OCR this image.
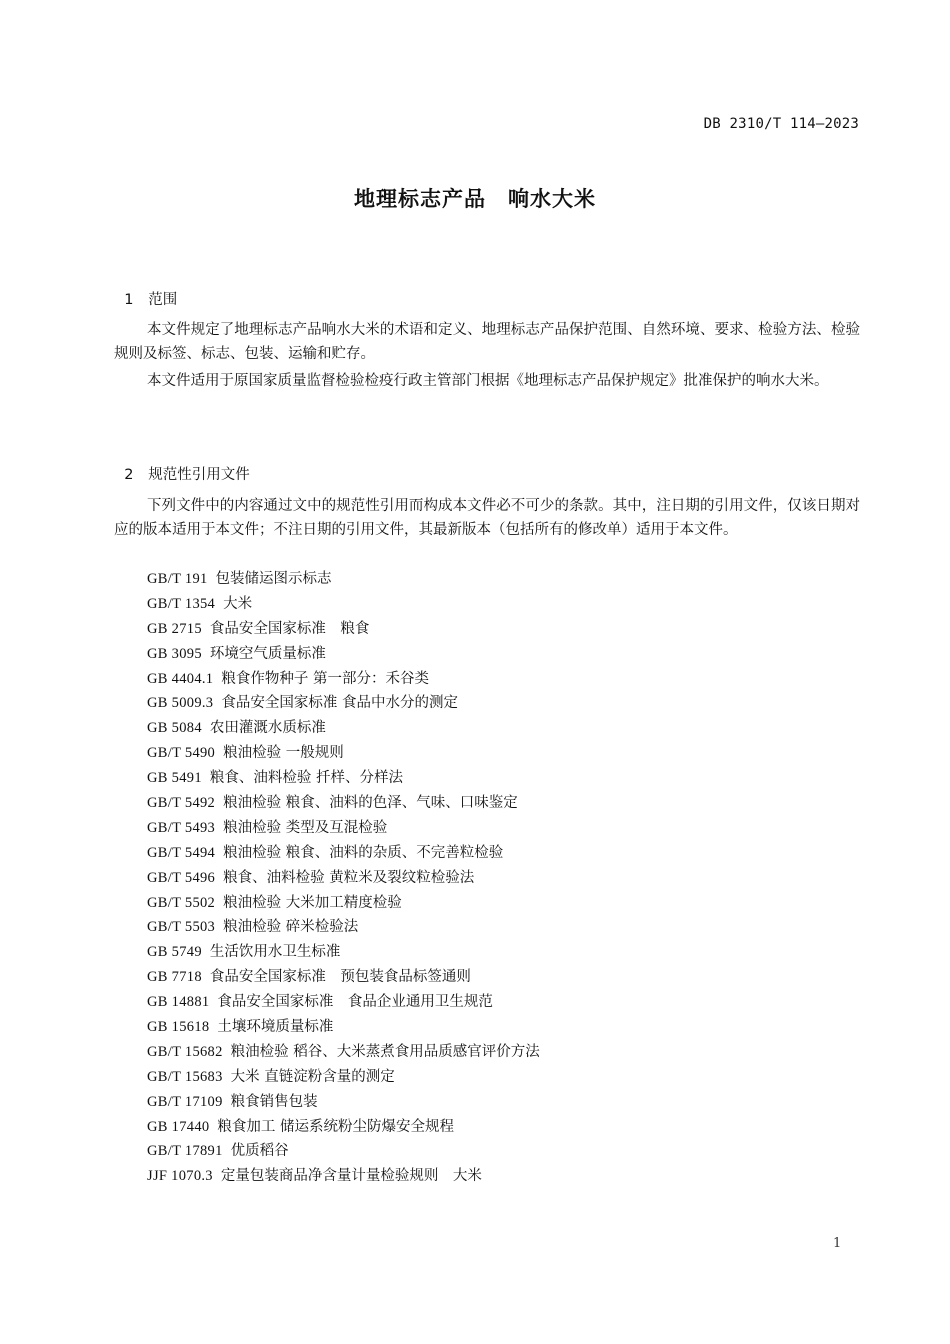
DB 2310/T 114—2023
地理标志产品　响水大米

1 范围

本文件规定了地理标志产品响水大米的术语和定义、地理标志产品保护范围、自然环境、要求、检验方法、检验规则及标签、标志、包装、运输和贮存。
本文件适用于原国家质量监督检验检疫行政主管部门根据《地理标志产品保护规定》批准保护的响水大米。

2 规范性引用文件

下列文件中的内容通过文中的规范性引用而构成本文件必不可少的条款。其中，注日期的引用文件，仅该日期对应的版本适用于本文件；不注日期的引用文件，其最新版本（包括所有的修改单）适用于本文件。
GB/T 191 包装储运图示标志
GB/T 1354 大米
GB 2715 食品安全国家标准　粮食
GB 3095 环境空气质量标准
GB 4404.1 粮食作物种子 第一部分：禾谷类
GB 5009.3 食品安全国家标准 食品中水分的测定
GB 5084 农田灌溉水质标准
GB/T 5490 粮油检验 一般规则
GB 5491 粮食、油料检验 扦样、分样法
GB/T 5492 粮油检验 粮食、油料的色泽、气味、口味鉴定
GB/T 5493 粮油检验 类型及互混检验
GB/T 5494 粮油检验 粮食、油料的杂质、不完善粒检验
GB/T 5496 粮食、油料检验 黄粒米及裂纹粒检验法
GB/T 5502 粮油检验 大米加工精度检验
GB/T 5503 粮油检验 碎米检验法
GB 5749 生活饮用水卫生标准
GB 7718 食品安全国家标准　预包装食品标签通则
GB 14881 食品安全国家标准　食品企业通用卫生规范
GB 15618 土壤环境质量标准
GB/T 15682 粮油检验 稻谷、大米蒸煮食用品质感官评价方法
GB/T 15683 大米 直链淀粉含量的测定
GB/T 17109 粮食销售包装
GB 17440 粮食加工 储运系统粉尘防爆安全规程
GB/T 17891 优质稻谷
JJF 1070.3 定量包装商品净含量计量检验规则　大米
1
